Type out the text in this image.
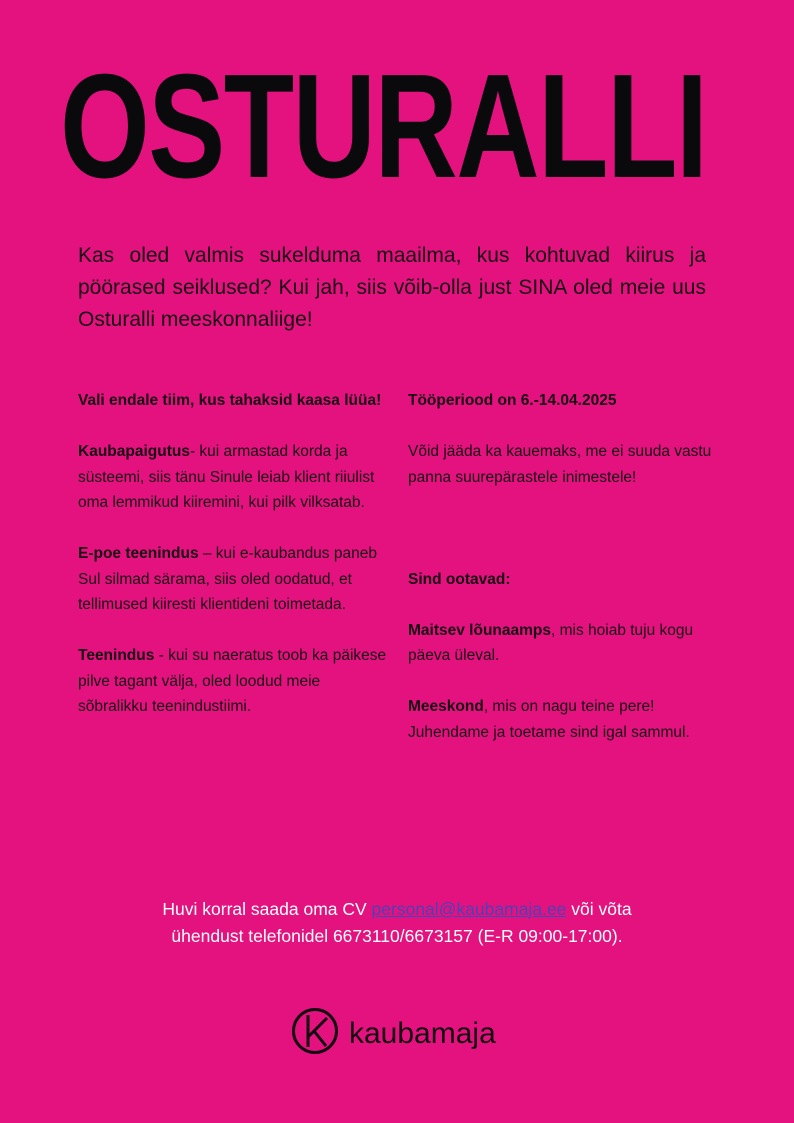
OSTURALLI

Kas oled valmis sukelduma maailma, kus kohtuvad kiirus ja pöörased seiklused? Kui jah, siis võib-olla just SINA oled meie uus Osturalli meeskonnaliige!

Vali endale tiim, kus tahaksid kaasa lüüa!

Kaubapaigutus- kui armastad korda ja süsteemi, siis tänu Sinule leiab klient riiulist oma lemmikud kiiremini, kui pilk vilksatab.

E-poe teenindus – kui e-kaubandus paneb Sul silmad särama, siis oled oodatud, et tellimused kiiresti klientideni toimetada.

Teenindus - kui su naeratus toob ka päikese pilve tagant välja, oled loodud meie sõbralikku teenindustiimi.

Tööperiood on 6.-14.04.2025

Võid jääda ka kauemaks, me ei suuda vastu panna suurepärastele inimestele!

Sind ootavad:

Maitsev lõunaamps, mis hoiab tuju kogu päeva üleval.

Meeskond, mis on nagu teine pere! Juhendame ja toetame sind igal sammul.

Huvi korral saada oma CV personal@kaubamaja.ee või võta
ühendust telefonidel 6673110/6673157 (E-R 09:00-17:00).
kaubamaja
